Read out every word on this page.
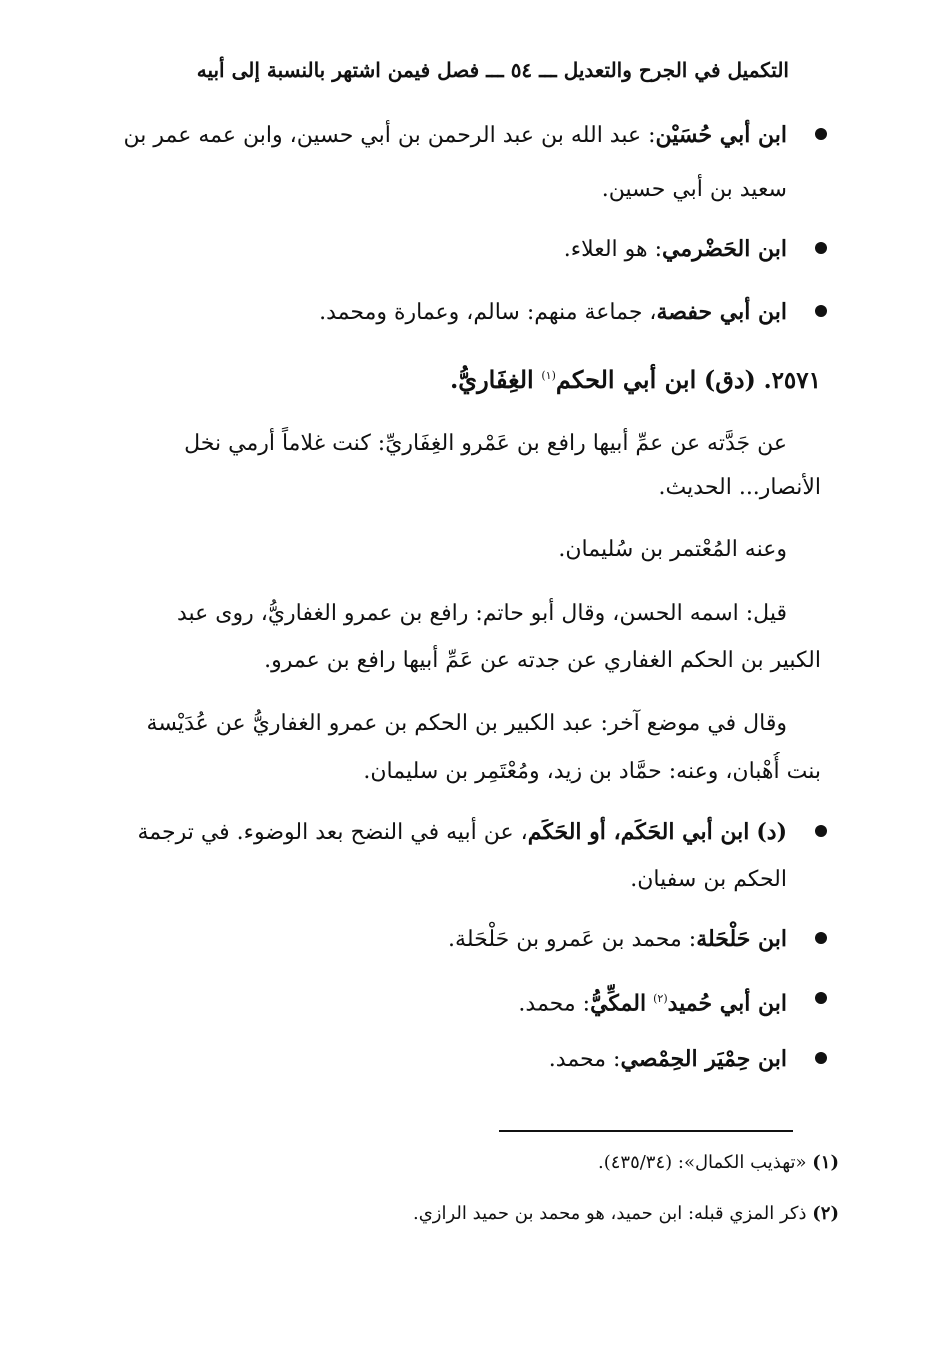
التكميل في الجرح والتعديل ـــ ٥٤ ـــ فصل فيمن اشتهر بالنسبة إلى أبيه
ابن أبي حُسَيْن: عبد الله بن عبد الرحمن بن أبي حسين، وابن عمه عمر بن
سعيد بن أبي حسين.
ابن الحَضْرمي: هو العلاء.
ابن أبي حفصة، جماعة منهم: سالم، وعمارة ومحمد.
٢٥٧١. (دق) ابن أبي الحكم$^{(١)}$ الغِفَاريُّ.
عن جَدَّته عن عمِّ أبيها رافع بن عَمْرو الغِفَاريِّ: كنت غلاماً أرمي نخل
الأنصار... الحديث.
وعنه المُعْتمر بن سُليمان.
قيل: اسمه الحسن، وقال أبو حاتم: رافع بن عمرو الغفاريُّ، روى عبد
الكبير بن الحكم الغفاري عن جدته عن عَمِّ أبيها رافع بن عمرو.
وقال في موضع آخر: عبد الكبير بن الحكم بن عمرو الغفاريُّ عن عُدَيْسة
بنت أُهْبان، وعنه: حمَّاد بن زيد، ومُعْتَمِر بن سليمان.
(د) ابن أبي الحَكَم، أو الحَكَم، عن أبيه في النضح بعد الوضوء. في ترجمة
الحكم بن سفيان.
ابن حَلْحَلة: محمد بن عَمرو بن حَلْحَلة.
ابن أبي حُميد$^{(٢)}$ المكِّيُّ: محمد.
ابن حِمْيَر الحِمْصي: محمد.
(١) «تهذيب الكمال»: (٤٣٥/٣٤).
(٢) ذكر المزي قبله: ابن حميد، هو محمد بن حميد الرازي.
